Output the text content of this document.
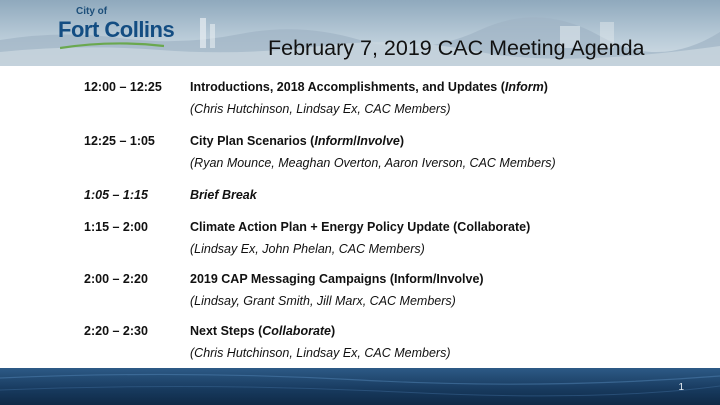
City of
Fort Collins
February 7, 2019 CAC Meeting Agenda
12:00 – 12:25 Introductions, 2018 Accomplishments, and Updates (Inform)
(Chris Hutchinson, Lindsay Ex, CAC Members)
12:25 – 1:05	City Plan Scenarios (Inform/Involve)
(Ryan Mounce, Meaghan Overton, Aaron Iverson, CAC Members)
1:05 – 1:15	Brief Break
1:15 – 2:00	Climate Action Plan + Energy Policy Update (Collaborate)
(Lindsay Ex, John Phelan, CAC Members)
2:00 – 2:20	2019 CAP Messaging Campaigns (Inform/Involve)
(Lindsay, Grant Smith, Jill Marx, CAC Members)
2:20 – 2:30	Next Steps (Collaborate)
(Chris Hutchinson, Lindsay Ex, CAC Members)
1
